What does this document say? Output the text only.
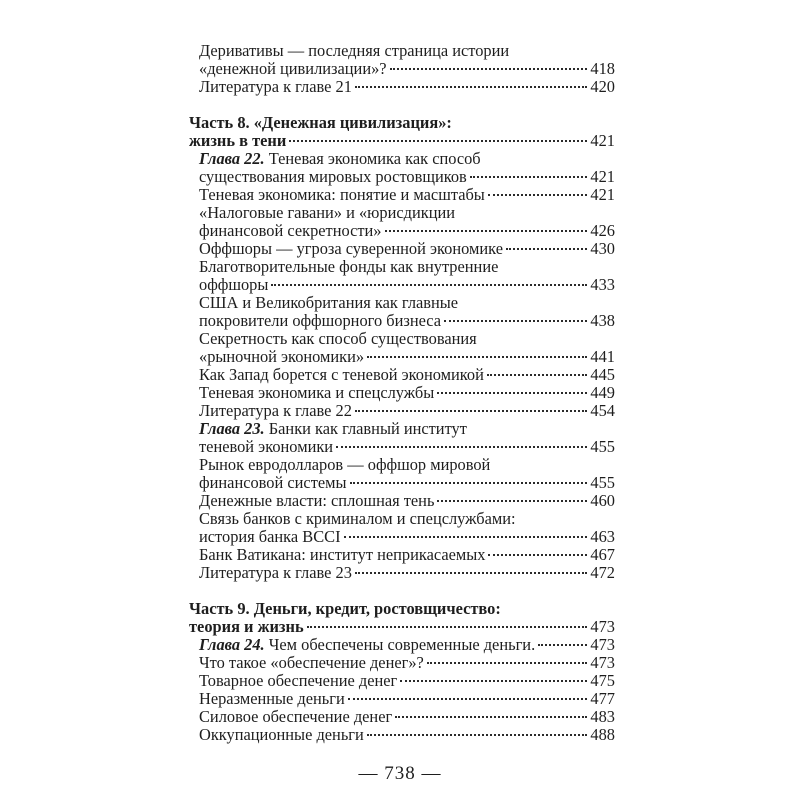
Деривативы — последняя страница истории
«денежной цивилизации»?	418
Литература к главе 21	420
Часть 8. «Денежная цивилизация»:
жизнь в тени	421
Глава 22.
Теневая экономика как способ
существования мировых ростовщиков	421
Теневая экономика: понятие и масштабы	421
«Налоговые гавани» и «юрисдикции
финансовой секретности»	426
Оффшоры — угроза суверенной экономике	430
Благотворительные фонды как внутренние
оффшоры	433
США и Великобритания как главные
покровители оффшорного бизнеса	438
Секретность как способ существования
«рыночной экономики»	441
Как Запад борется с теневой экономикой	445
Теневая экономика и спецслужбы	449
Литература к главе 22	454
Глава 23.
Банки как главный институт
теневой экономики	455
Рынок евродолларов — оффшор мировой
финансовой системы	455
Денежные власти: сплошная тень	460
Связь банков с криминалом и спецслужбами:
история банка BCCI	463
Банк Ватикана: институт неприкасаемых	467
Литература к главе 23	472
Часть 9. Деньги, кредит, ростовщичество:
теория и жизнь	473
Глава 24.
Чем обеспечены современные деньги.	473
Что такое «обеспечение денег»?	473
Товарное обеспечение денег	475
Неразменные деньги	477
Силовое обеспечение денег	483
Оккупационные деньги	488
— 738 —
